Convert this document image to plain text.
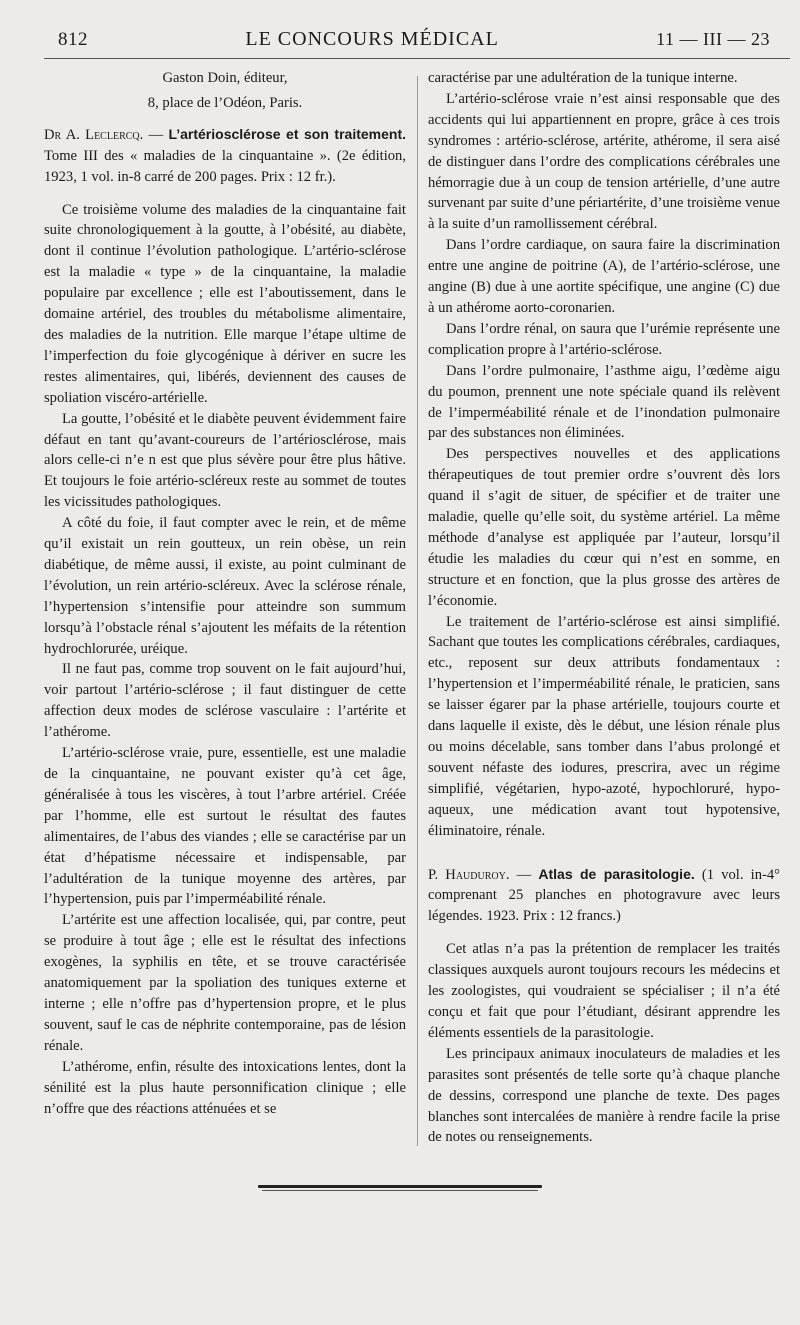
812	LE CONCOURS MÉDICAL	11 — III — 23

Gaston Doin, éditeur,

8, place de l’Odéon, Paris.

Dr A. Leclercq. — L’artériosclérose et son traitement. Tome III des « maladies de la cinquantaine ». (2e édition, 1923, 1 vol. in-8 carré de 200 pages. Prix : 12 fr.).

Ce troisième volume des maladies de la cinquantaine fait suite chronologiquement à la goutte, à l’obésité, au diabète, dont il continue l’évolution pathologique. L’artério-sclérose est la maladie « type » de la cinquantaine, la maladie populaire par excellence ; elle est l’aboutissement, dans le domaine artériel, des troubles du métabolisme alimentaire, des maladies de la nutrition. Elle marque l’étape ultime de l’imperfection du foie glycogénique à dériver en sucre les restes alimentaires, qui, libérés, deviennent des causes de spoliation viscéro-artérielle.

La goutte, l’obésité et le diabète peuvent évidemment faire défaut en tant qu’avant-coureurs de l’artériosclérose, mais alors celle-ci n’e n est que plus sévère pour être plus hâtive. Et toujours le foie artério-scléreux reste au sommet de toutes les vicissitudes pathologiques.

A côté du foie, il faut compter avec le rein, et de même qu’il existait un rein goutteux, un rein obèse, un rein diabétique, de même aussi, il existe, au point culminant de l’évolution, un rein artério-scléreux. Avec la sclérose rénale, l’hypertension s’intensifie pour atteindre son summum lorsqu’à l’obstacle rénal s’ajoutent les méfaits de la rétention hydrochlorurée, uréique.

Il ne faut pas, comme trop souvent on le fait aujourd’hui, voir partout l’artério-sclérose ; il faut distinguer de cette affection deux modes de sclérose vasculaire : l’artérite et l’athérome.

L’artério-sclérose vraie, pure, essentielle, est une maladie de la cinquantaine, ne pouvant exister qu’à cet âge, généralisée à tous les viscères, à tout l’arbre artériel. Créée par l’homme, elle est surtout le résultat des fautes alimentaires, de l’abus des viandes ; elle se caractérise par un état d’hépatisme nécessaire et indispensable, par l’adultération de la tunique moyenne des artères, par l’hypertension, puis par l’imperméabilité rénale.

L’artérite est une affection localisée, qui, par contre, peut se produire à tout âge ; elle est le résultat des infections exogènes, la syphilis en tête, et se trouve caractérisée anatomiquement par la spoliation des tuniques externe et interne ; elle n’offre pas d’hypertension propre, et le plus souvent, sauf le cas de néphrite contemporaine, pas de lésion rénale.

L’athérome, enfin, résulte des intoxications lentes, dont la sénilité est la plus haute personnification clinique ; elle n’offre que des réactions atténuées et se

caractérise par une adultération de la tunique interne.

L’artério-sclérose vraie n’est ainsi responsable que des accidents qui lui appartiennent en propre, grâce à ces trois syndromes : artério-sclérose, artérite, athérome, il sera aisé de distinguer dans l’ordre des complications cérébrales une hémorragie due à un coup de tension artérielle, d’une autre survenant par suite d’une périartérite, d’une troisième venue à la suite d’un ramollissement cérébral.

Dans l’ordre cardiaque, on saura faire la discrimination entre une angine de poitrine (A), de l’artério-sclérose, une angine (B) due à une aortite spécifique, une angine (C) due à un athérome aorto-coronarien.

Dans l’ordre rénal, on saura que l’urémie représente une complication propre à l’artério-sclérose.

Dans l’ordre pulmonaire, l’asthme aigu, l’œdème aigu du poumon, prennent une note spéciale quand ils relèvent de l’imperméabilité rénale et de l’inondation pulmonaire par des substances non éliminées.

Des perspectives nouvelles et des applications thérapeutiques de tout premier ordre s’ouvrent dès lors quand il s’agit de situer, de spécifier et de traiter une maladie, quelle qu’elle soit, du système artériel. La même méthode d’analyse est appliquée par l’auteur, lorsqu’il étudie les maladies du cœur qui n’est en somme, en structure et en fonction, que la plus grosse des artères de l’économie.

Le traitement de l’artério-sclérose est ainsi simplifié. Sachant que toutes les complications cérébrales, cardiaques, etc., reposent sur deux attributs fondamentaux : l’hypertension et l’imperméabilité rénale, le praticien, sans se laisser égarer par la phase artérielle, toujours courte et dans laquelle il existe, dès le début, une lésion rénale plus ou moins décelable, sans tomber dans l’abus prolongé et souvent néfaste des iodures, prescrira, avec un régime simplifié, végétarien, hypo-azoté, hypochloruré, hypo-aqueux, une médication avant tout hypotensive, éliminatoire, rénale.

P. Hauduroy. — Atlas de parasitologie. (1 vol. in-4° comprenant 25 planches en photogravure avec leurs légendes. 1923. Prix : 12 francs.)

Cet atlas n’a pas la prétention de remplacer les traités classiques auxquels auront toujours recours les médecins et les zoologistes, qui voudraient se spécialiser ; il n’a été conçu et fait que pour l’étudiant, désirant apprendre les éléments essentiels de la parasitologie.

Les principaux animaux inoculateurs de maladies et les parasites sont présentés de telle sorte qu’à chaque planche de dessins, correspond une planche de texte. Des pages blanches sont intercalées de manière à rendre facile la prise de notes ou renseignements.
